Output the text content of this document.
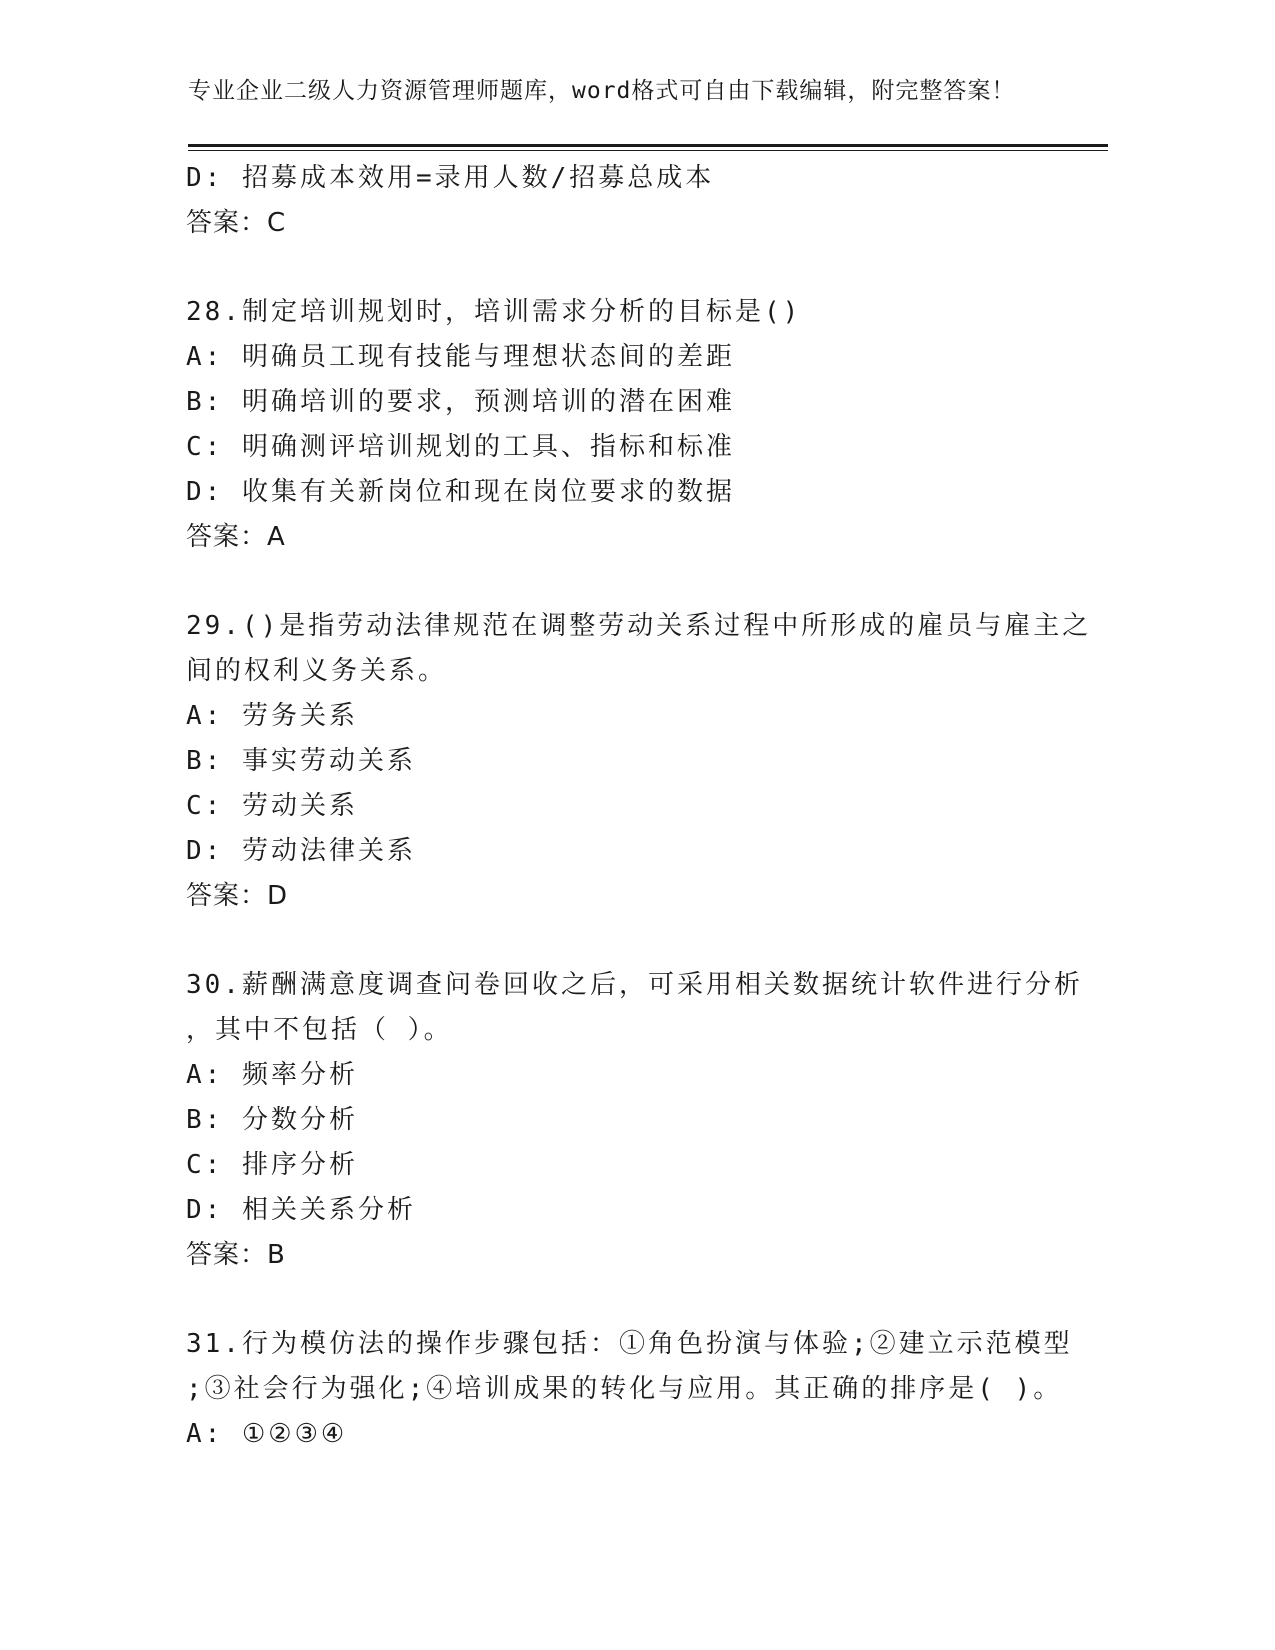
专业企业二级人力资源管理师题库，word格式可自由下载编辑，附完整答案！
D: 招募成本效用=录用人数/招募总成本
答案：C
28.制定培训规划时，培训需求分析的目标是()
A: 明确员工现有技能与理想状态间的差距
B: 明确培训的要求，预测培训的潜在困难
C: 明确测评培训规划的工具、指标和标准
D: 收集有关新岗位和现在岗位要求的数据
答案：A
29.()是指劳动法律规范在调整劳动关系过程中所形成的雇员与雇主之
间的权利义务关系。
A: 劳务关系
B: 事实劳动关系
C: 劳动关系
D: 劳动法律关系
答案：D
30.薪酬满意度调查问卷回收之后，可采用相关数据统计软件进行分析
，其中不包括（ ）。
A: 频率分析
B: 分数分析
C: 排序分析
D: 相关关系分析
答案：B
31.行为模仿法的操作步骤包括：①角色扮演与体验;②建立示范模型
;③社会行为强化;④培训成果的转化与应用。其正确的排序是( )。
A: ①②③④
